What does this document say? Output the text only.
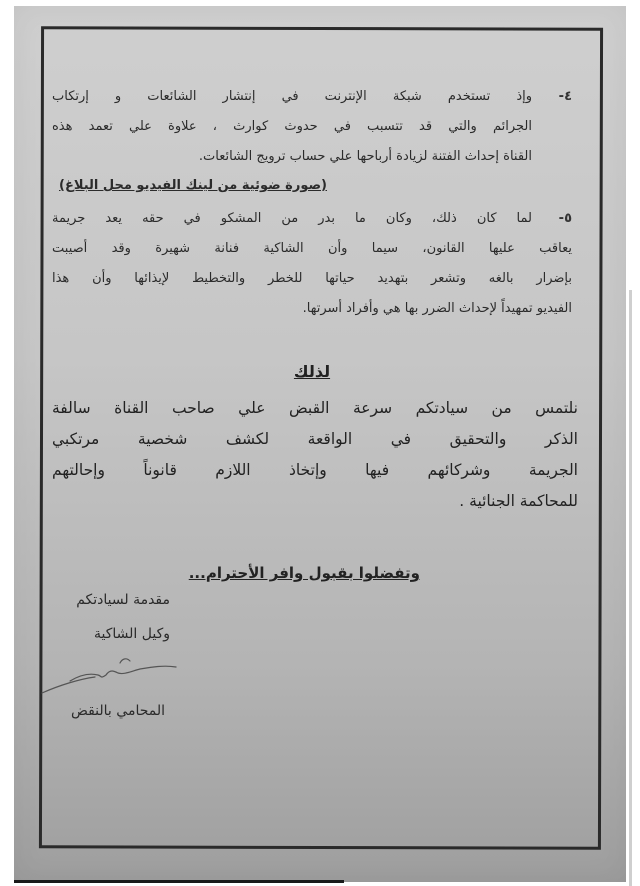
٤-
وإذ تستخدم شبكة الإنترنت في إنتشار الشائعات و إرتكاب
الجرائم والتي قد تتسبب في حدوث كوارث ، علاوة علي تعمد هذه
القناة إحداث الفتنة لزيادة أرباحها علي حساب ترويج الشائعات.
(صورة ضوئية من لينك الفيديو محل البلاغ)
٥-
لما كان ذلك، وكان ما بدر من المشكو في حقه يعد جريمة
يعاقب عليها القانون، سيما وأن الشاكية فنانة شهيرة وقد أصيبت
بإضرار بالغه وتشعر بتهديد حياتها للخطر والتخطيط لإيذائها وأن هذا
الفيديو تمهيداً لإحداث الضرر بها هي وأفراد أسرتها.
لذلك
نلتمس من سيادتكم سرعة القبض علي صاحب القناة سالفة
الذكر والتحقيق في الواقعة لكشف شخصية مرتكبي
الجريمة وشركائهم فيها وإتخاذ اللازم قانوناً وإحالتهم
للمحاكمة الجنائية .
وتفضلوا بقبول وافر الأحترام...
مقدمة لسيادتكم
وكيل الشاكية
المحامي بالنقض
